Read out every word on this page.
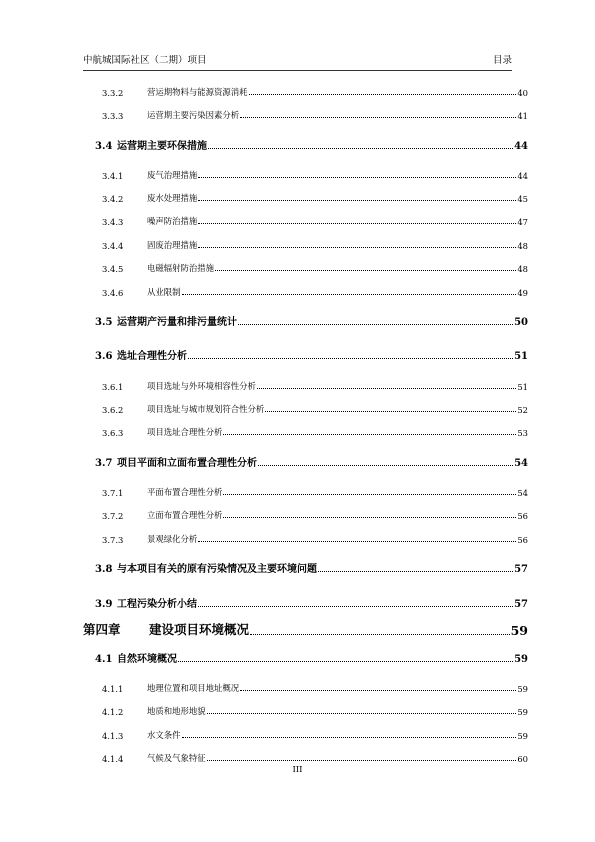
中航城国际社区（二期）项目	目录
3.3.2	营运期物料与能源资源消耗	40
3.3.3	运营期主要污染因素分析	41
3.4 运营期主要环保措施	44
3.4.1	废气治理措施	44
3.4.2	废水处理措施	45
3.4.3	噪声防治措施	47
3.4.4	固废治理措施	48
3.4.5	电磁辐射防治措施	48
3.4.6	从业限制	49
3.5 运营期产污量和排污量统计	50
3.6 选址合理性分析	51
3.6.1	项目选址与外环境相容性分析	51
3.6.2	项目选址与城市规划符合性分析	52
3.6.3	项目选址合理性分析	53
3.7 项目平面和立面布置合理性分析	54
3.7.1	平面布置合理性分析	54
3.7.2	立面布置合理性分析	56
3.7.3	景观绿化分析	56
3.8 与本项目有关的原有污染情况及主要环境问题	57
3.9 工程污染分析小结	57
第四章	建设项目环境概况	59
4.1 自然环境概况	59
4.1.1	地理位置和项目地址概况	59
4.1.2	地质和地形地貌	59
4.1.3	水文条件	59
4.1.4	气候及气象特征	60
III
